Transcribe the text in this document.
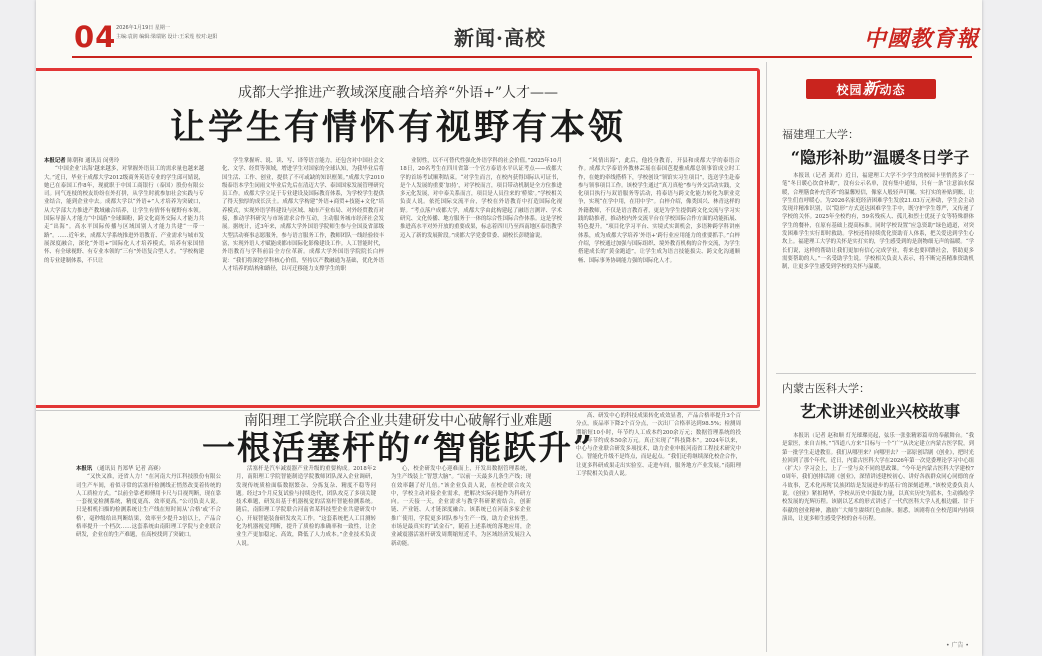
04 2026年1月19日 星期一
主编:袁润 编辑:梁瑞铭 设计:王采莲 校对:赵阳	新闻·高校	中國教育報
成都大学推进产教域深度融合培养“外语+”人才——
让学生有情怀有视野有本领

本报记者 陈朝和 通讯员 闵勇玲

“中国企业‘出海’越来越多，对掌握外语员工的需求量也越来越大。”近日，毕业于成都大学2012级商务英语专业的学生邱可婧说，她已在泰国工作8年，现就职于中国工商银行（泰国）股份有限公司。同气连枝的校友纷纷在外打拼，从学生时就参加社会实践与专业结合，能到企业中去。成都大学以“外语+”人才培养为突破口，从大学部大力推进产教域融合培养，让学生有情怀有视野有本领。国际导游人才能力“中国游”全球圈粉，跨文化商务交际人才能力共走“出海”。高水平国际传播与区域国别人才能力共建“一带一路”。……近年来，成都大学系统推进外语教育、产业需求与城市发展深度融合，深化“外语+”国际化人才培养模式，培养有家国情怀、有全球视野、有专业本领的“三有”外语复合型人才。“学校构建的专业建制体系，不只让

学生掌握听、说、读、写、译等语言能力，还包含对中国社会文化、文学、经贸等领域，增进学生对国家的全球认知，为我毕业后将国生活、工作、创业，提供了不可或缺的知识框架。”成都大学2010级泰语本学生闵雨文毕业后先后在清迈大学、泰国国家发展管理研究员工作。成都大学立足于专业建设及国际教育体系，为学校学生提供了得天独厚的成长沃土。成都大学构建“外语+商贸+技能+文化”培养模式，实现外语学科建设与区域、城市产业布局、对外经贸教育对接，推动学科研究与市场需求合作互动，主动服务城市经济社会发展。据统计，近3年来，成都大学外国语学院师生参与全国及省部级大型活动赛事志愿服务，参与语言服务工作，教师团队一线经验较丰富，实现外语人才赋能成都市国际化影像建设工作。人工智能时代，外语教育与学科前沿全方位革新。成都大学外国语学院院长白梓说：“我们将深挖学科核心价值，坚持以产教融通为基础，优化外语人才培养的结构和路径，以可迁移能力支撑学生的职

业韧性，以不可替代性强化外语学科的社会价值。”2025年10月18日，20名考生在四川省第一个官方泰语水平认证考点——成都大学的首场考试顺利结束。“对学生而言，在校内获得国际认可证书，是个人发展的重要‘加持’，对学校而言，项目带动机制是全方位推进多元化发展，对中泰关系而言，项目是人员往来的‘桥梁’。”学校相关负责人说。依托国际交流平台，学校在外语教育中打造国际化视野。“考点落户成都大学，成都大学由此构建起了融语言测评、学术研究、文化传播、地方服务于一体的综合性国际合作体系。这是学校推进高水平对外开放的重要成果，标志着四川乃至西南地区泰语教学迈入了新的发展阶段。”成都大学党委常委、副校长彭晓渝说。

“风情出海”，此后，他投身教育，开县和成都大学的泰语合作。成都大学泰语外教林芸瑶在泰国芭提雅成都总领事馆成立时工作，在她的牵线搭桥下，学校创设“领馆实习生项目”，选送学生赴泰参与领事项目工作。该校学生通过“真刀真枪”参与外交活动实践，文化项目执行与双语服务等活动，将泰语与跨文化能力转化为职业竞争，实现“在学中用，在用中学”。白梓介绍，像类国兴、林青这样的外籍教师，不仅是语言教育者，更是为学生提供跨文化交流与学习实践的助推者，推动校内外交流平台在学校国际合作方面的功能拓展、特色提升。“项目化学习平台、实境式实训机会，多语种跨学科讲座体系，成为成都大学培养‘外语+’跨行业应用能力的重要抓手。”白梓介绍，学校通过加强与国际组织、境外教育机构的合作交流，为学生搭建成长的“黄金跑道”，让学生成为语言技能拔尖、跨文化沟通顺畅、国际事务协调能力强的国际化人才。

南阳理工学院联合企业共建研发中心破解行业难题
一根活塞杆的“智能跃升”

本报讯 （通讯员 肖郑华 记者 高赛）

“又快又准，还省人力！”在河南大丹江科技股份有限公司生产车间，看似寻常的活塞杆检测线正悄然改变着传统的人工质检方式。“以前全靠老师傅用卡尺与目视判断，现在靠一套视觉检测系统，精度更高、效率更高。”公司负责人说。只是相机扫描的检测系统让生产线在短时间从‘合格’或‘不合格’，毫秒级给出判断结果，效率至少提升3倍以上，产品合格率提升一个档次……这套系统由南阳理工学院与企业联合研发，企业在的生产难题，在高校找到了突破口。

活塞杆是汽车减震器产业升级的重要构成。2018年2月，南阳理工学院智能制造学院教师团队深入企业调研，发现传统质检面临数据繁杂、分拣复杂、精度不稳等问题。经过3个月反复试验与持续迭代，团队攻克了多项关键技术难题，研发出基于机器视觉的活塞杆智能检测系统。随后，南阳理工学院联合河南省某科技型企业共建研发中心，开展智能装备研发攻关工作。“这套系统把人工目测转化为机器视觉判断，提升了质检的准确率和一致性，让企业生产更加稳定、高效，降低了人力成本。”企业技术负责人说。

心，校企研发中心迎难而上，开发出数据管理系统，为生产线装上“智慧大脑”。“以前一天最多几条生产线；现在效率翻了好几倍。”该企业负责人说，在校企联合攻关中，学校主动对接企业需求，把解决实际问题作为科研方向。一天接一天，企业需求与教学科研紧密结合，创新链、产业链、人才链深度融合。该系统已在河南多家企业推广使用，学院更多团队参与生产一线，助力企业转型。市场是最真实的“试金石”，随着上述系统的落地应用，企业减震器活塞杆研发周期缩短近半，为区域经济发展注入新动能。

高、研发中心的科技成果转化成效显著，产品合格率提升3个百分点，废品率下降2个百分点，一次出厂合格率达到98.5%；检测周期缩短10小时，年节约人工成本约200余万元；数据管理系统的投入，年节约成本50余万元。真正实现了“科技降本”。2024年以来，中心与企业联合研发多项技术，助力企业申报河南省工程技术研究中心。智能化升级不是终点，而是起点。“我们还将继续深化校企合作，让更多科研成果走出实验室、走进车间，服务地方产业发展。”南阳理工学院相关负责人说。

校园新动态
福建理工大学：
“隐形补助”温暖冬日学子

本报讯（记者 龚君）近日，福建理工大学不少学生的校园卡里悄然多了一笔“冬日暖心饮食补助”，没有公示名单，没有集中通知，只有一条“注意油水保暖，合理膳食补充营养”的温馨短信，像家人般轻声叮嘱。实打实的补贴到账，让学生们直呼暖心。为2026名家庭经济困难学生发放21.03万元补助，学生会主动发现并精准识别，以“隐形”方式送达困难学生手中，既守护学生尊严，又传递了学校的关怀。2025年全校约有，59名残疾人、孤儿和烈士优抚子女等特殊群体学生的餐补，在原有基础上提高标准。同时学校设置“应急资助”绿色通道，对突发困难学生实行即时救助。学校还将持续优化资助育人体系，把关爱送到学生心坎上。福建理工大学的关怀是实打实的，学生感受到的是润物细无声的温暖。“学长们说，这样的帮助让我们更加有信心完成学业，将来也要回馈社会，帮助更多需要帮助的人。”一名受助学生说。学校相关负责人表示，将不断完善精准资助机制，让更多学生感受到学校的关怀与温暖。

内蒙古医科大学：
艺术讲述创业兴校故事

本报讯（记者 赵和顺 灯光璀璨亮起，弦乐一张张精彩篇章的奉献舞台。“我是蒙医，来自吉林。”“四道八方来”目标与一个“广”从决定建立内蒙古医学院，到第一批学生走进教室。我们从哪里来？向哪里去？一部原创话剧《创业》，把时光拉回到了那个年代。近日，内蒙古医科大学在2026年第一次党委理论学习中心组（扩大）学习会上，上了一堂与众不同的思政课。“今年是内蒙古医科大学建校70周年，我们创排话剧《创业》，深情讲述建校初心、讲好各族群众同心同德的奋斗故事，艺术化再现‘民族团结是发展进步的基石’的深刻道理。”该校党委负责人说。《创业》紧扣精华，学校从历史中汲取力量，以真实历史为蓝本，生动描绘学校发展的光辉历程。该剧以艺术的形式讲述了一代代医科大学人扎根边疆、甘于奉献的创业精神，激励广大师生赓续红色血脉。据悉，该剧将在全校范围内持续演出，让更多师生感受学校的奋斗历程。

• 广告 •
